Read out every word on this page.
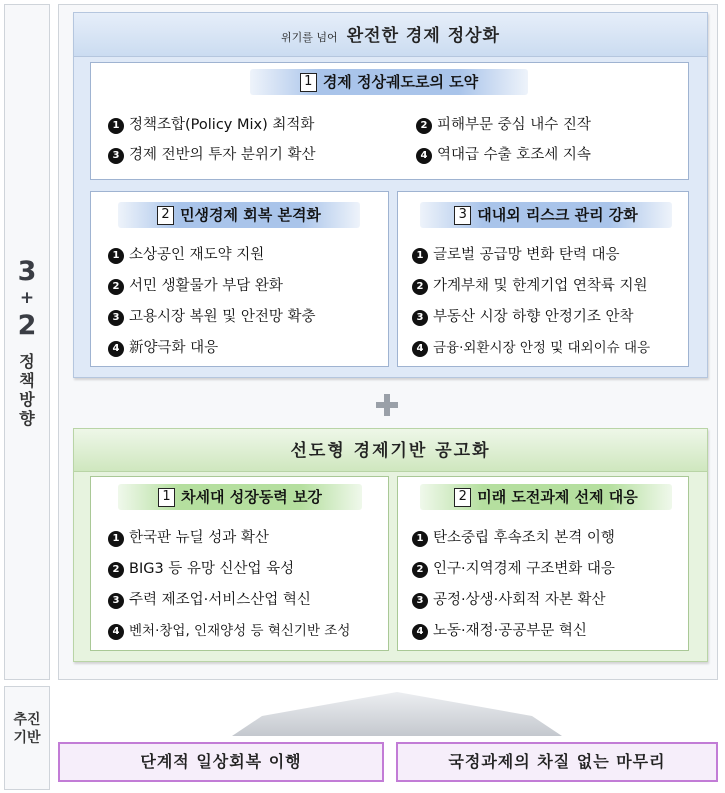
3
+
2
정
책
방
향
추진
기반
위기를 넘어 완전한 경제 정상화
1 경제 정상궤도로의 도약
1 정책조합(Policy Mix) 최적화	2 피해부문 중심 내수 진작
3 경제 전반의 투자 분위기 확산	4 역대급 수출 호조세 지속
2 민생경제 회복 본격화
1 소상공인 재도약 지원
2 서민 생활물가 부담 완화
3 고용시장 복원 및 안전망 확충
4 新양극화 대응
3 대내외 리스크 관리 강화
1 글로벌 공급망 변화 탄력 대응
2 가계부채 및 한계기업 연착륙 지원
3 부동산 시장 하향 안정기조 안착
4 금융·외환시장 안정 및 대외이슈 대응
선도형 경제기반 공고화
1 차세대 성장동력 보강
1 한국판 뉴딜 성과 확산
2 BIG3 등 유망 신산업 육성
3 주력 제조업·서비스산업 혁신
4 벤처·창업, 인재양성 등 혁신기반 조성
2 미래 도전과제 선제 대응
1 탄소중립 후속조치 본격 이행
2 인구·지역경제 구조변화 대응
3 공정·상생·사회적 자본 확산
4 노동·재정·공공부문 혁신
단계적 일상회복 이행	국정과제의 차질 없는 마무리
